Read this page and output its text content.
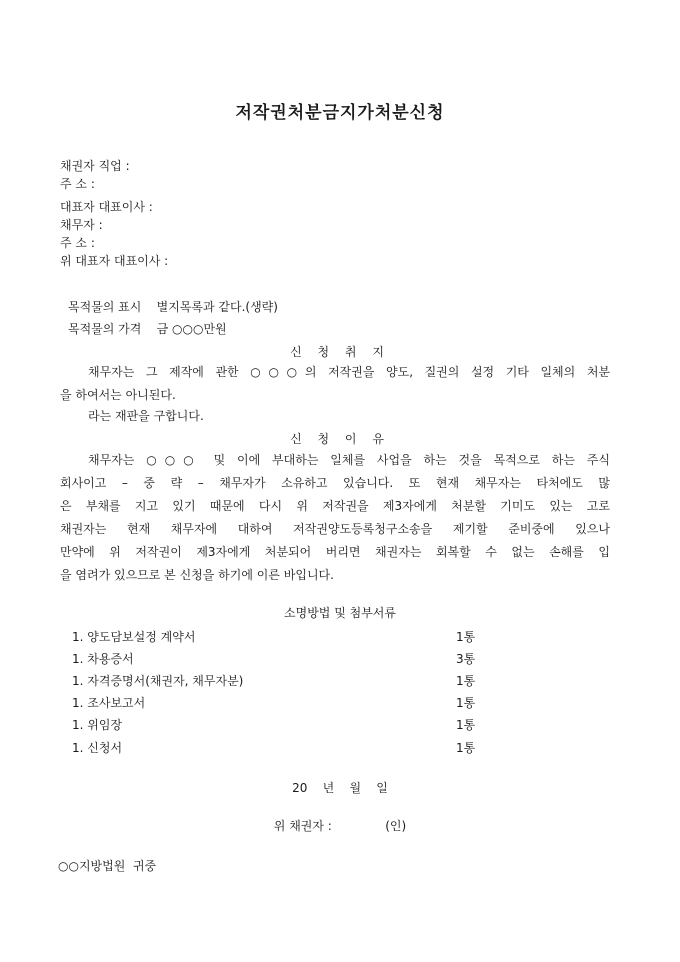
저작권처분금지가처분신청
채권자 직업 :
주 소 :
대표자 대표이사 :
채무자 :
주 소 :
위 대표자 대표이사 :
목적물의 표시    별지목록과 같다.(생략)
목적물의 가격    금 ○○○만원
신 청 취 지
채무자는 그 제작에 관한 ○○○의 저작권을 양도, 질권의 설정 기타 일체의 처분
을 하여서는 아니된다.
라는 재판을 구합니다.
신 청 이 유
채무자는 ○○○ 및 이에 부대하는 일체를 사업을 하는 것을 목적으로 하는 주식
회사이고 – 중 략 – 채무자가 소유하고 있습니다. 또 현재 채무자는 타처에도 많
은 부채를 지고 있기 때문에 다시 위 저작권을 제3자에게 처분할 기미도 있는 고로
채권자는 현재 채무자에 대하여 저작권양도등록청구소송을 제기할 준비중에 있으나
만약에 위 저작권이 제3자에게 처분되어 버리면 채권자는 회복할 수 없는 손해를 입
을 염려가 있으므로 본 신청을 하기에 이른 바입니다.
소명방법 및 첨부서류
1. 양도담보설정 계약서	1통
1. 차용증서	3통
1. 자격증명서(채권자, 채무자분)	1통
1. 조사보고서	1통
1. 위임장	1통
1. 신청서	1통
20    년    월    일
위 채권자 :              (인)
○○지방법원  귀중
